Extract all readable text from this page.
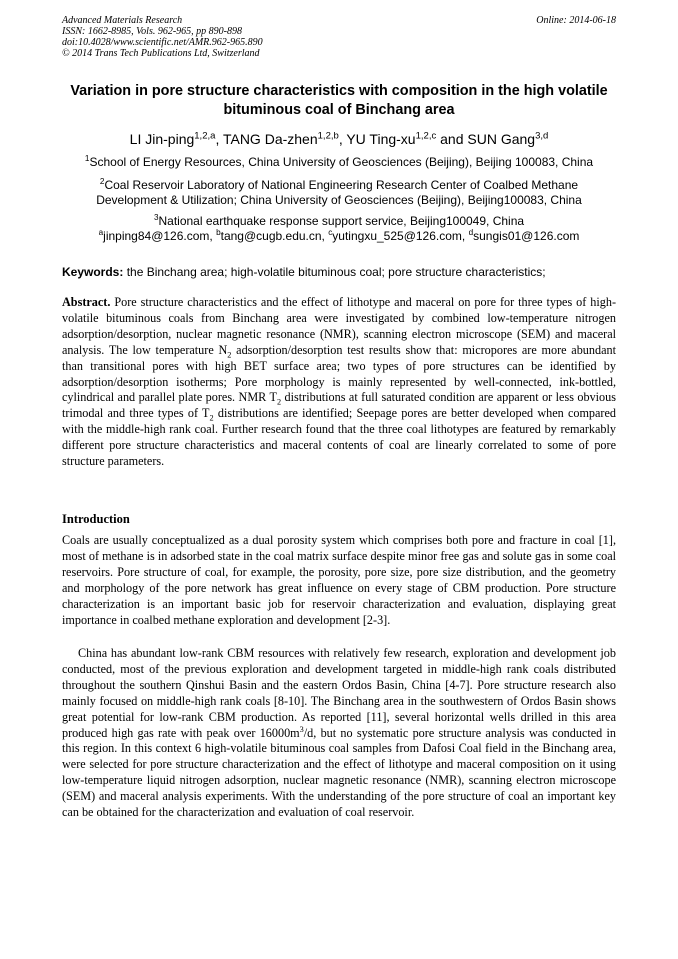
Advanced Materials Research
ISSN: 1662-8985, Vols. 962-965, pp 890-898
doi:10.4028/www.scientific.net/AMR.962-965.890
© 2014 Trans Tech Publications Ltd, Switzerland
Online: 2014-06-18
Variation in pore structure characteristics with composition in the high volatile bituminous coal of Binchang area
LI Jin-ping$^{1,2,a}$, TANG Da-zhen$^{1,2,b}$, YU Ting-xu$^{1,2,c}$ and SUN Gang$^{3,d}$
$^1$School of Energy Resources, China University of Geosciences (Beijing), Beijing 100083, China
$^2$Coal Reservoir Laboratory of National Engineering Research Center of Coalbed Methane
Development & Utilization; China University of Geosciences (Beijing), Beijing100083, China
$^3$National earthquake response support service, Beijing100049, China
$^a$jinping84@126.com, $^b$tang@cugb.edu.cn, $^c$yutingxu_525@126.com, $^d$sungis01@126.com
Keywords: the Binchang area; high-volatile bituminous coal; pore structure characteristics;
Abstract. Pore structure characteristics and the effect of lithotype and maceral on pore for three types of high-volatile bituminous coals from Binchang area were investigated by combined low-temperature nitrogen adsorption/desorption, nuclear magnetic resonance (NMR), scanning electron microscope (SEM) and maceral analysis. The low temperature $N_2$ adsorption/desorption test results show that: micropores are more abundant than transitional pores with high BET surface area; two types of pore structures can be identified by adsorption/desorption isotherms; Pore morphology is mainly represented by well-connected, ink-bottled, cylindrical and parallel plate pores. NMR $T_2$ distributions at full saturated condition are apparent or less obvious trimodal and three types of $T_2$ distributions are identified; Seepage pores are better developed when compared with the middle-high rank coal. Further research found that the three coal lithotypes are featured by remarkably different pore structure characteristics and maceral contents of coal are linearly correlated to some of pore structure parameters.
Introduction
Coals are usually conceptualized as a dual porosity system which comprises both pore and fracture in coal [1], most of methane is in adsorbed state in the coal matrix surface despite minor free gas and solute gas in some coal reservoirs. Pore structure of coal, for example, the porosity, pore size, pore size distribution, and the geometry and morphology of the pore network has great influence on every stage of CBM production. Pore structure characterization is an important basic job for reservoir characterization and evaluation, displaying great importance in coalbed methane exploration and development [2-3].
China has abundant low-rank CBM resources with relatively few research, exploration and development job conducted, most of the previous exploration and development targeted in middle-high rank coals distributed throughout the southern Qinshui Basin and the eastern Ordos Basin, China [4-7]. Pore structure research also mainly focused on middle-high rank coals [8-10]. The Binchang area in the southwestern of Ordos Basin shows great potential for low-rank CBM production. As reported [11], several horizontal wells drilled in this area produced high gas rate with peak over $16000m^3/d$, but no systematic pore structure analysis was conducted in this region. In this context 6 high-volatile bituminous coal samples from Dafosi Coal field in the Binchang area, were selected for pore structure characterization and the effect of lithotype and maceral composition on it using low-temperature liquid nitrogen adsorption, nuclear magnetic resonance (NMR), scanning electron microscope (SEM) and maceral analysis experiments. With the understanding of the pore structure of coal an important key can be obtained for the characterization and evaluation of coal reservoir.
